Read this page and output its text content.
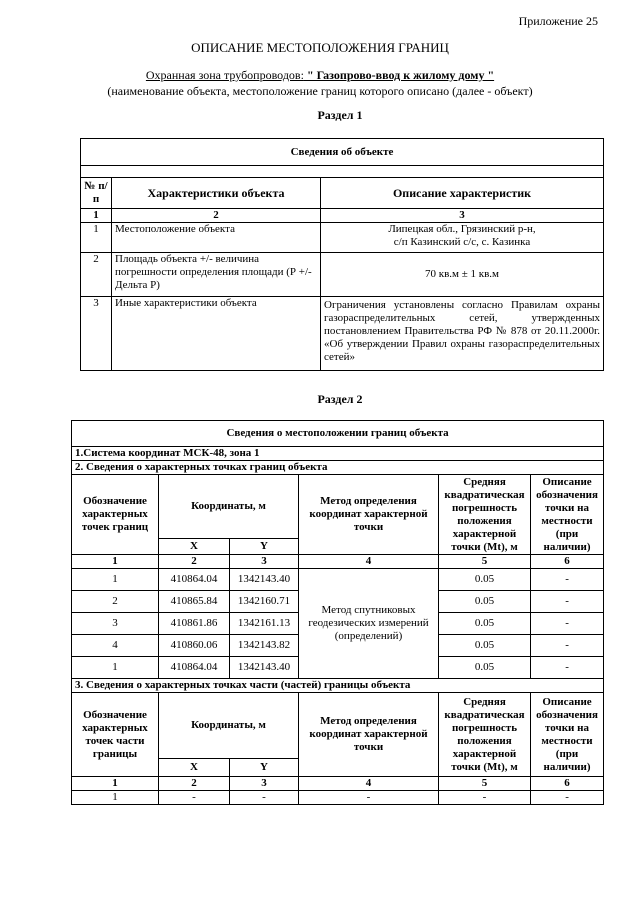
Приложение 25
ОПИСАНИЕ МЕСТОПОЛОЖЕНИЯ ГРАНИЦ
Охранная зона трубопроводов: " Газопрово-ввод к жилому дому "
(наименование объекта, местоположение границ которого описано (далее - объект)
Раздел 1
Сведения об объекте		

№ п/п	Характеристики объекта	Описание характеристик
1	2	3
1	Местоположение объекта	Липецкая обл., Грязинский р-н,
с/п Казинский с/с, с. Казинка

2	Площадь объекта +/- величина погрешности определения площади (Р +/- Дельта Р)	70 кв.м ± 1 кв.м
3	Иные характеристики объекта	Ограничения установлены согласно Правилам охраны газораспределительных сетей, утвержденных постановлением Правительства РФ № 878 от 20.11.2000г. «Об утверждении Правил охраны газораспределительных сетей»
Раздел 2
Сведения о местоположении границ объекта					
1.Система координат МСК-48, зона 1					
2. Сведения о характерных точках границ объекта					
Обозначение характерных точек границ	Координаты, м		Метод определения координат характерной точки	Средняя квадратическая погрешность положения характерной точки (Mt), м	Описание обозначения точки на местности (при наличии)
	X	Y			
1	2	3	4	5	6
1	410864.04	1342143.40	Метод спутниковых геодезических измерений (определений)	0.05	-
2	410865.84	1342160.71		0.05	-
3	410861.86	1342161.13		0.05	-
4	410860.06	1342143.82		0.05	-
1	410864.04	1342143.40		0.05	-
3. Сведения о характерных точках части (частей) границы объекта					
Обозначение характерных точек части границы	Координаты, м		Метод определения координат характерной точки	Средняя квадратическая погрешность положения характерной точки (Mt), м	Описание обозначения точки на местности (при наличии)
	X	Y			
1	2	3	4	5	6
1	-	-	-	-	-
